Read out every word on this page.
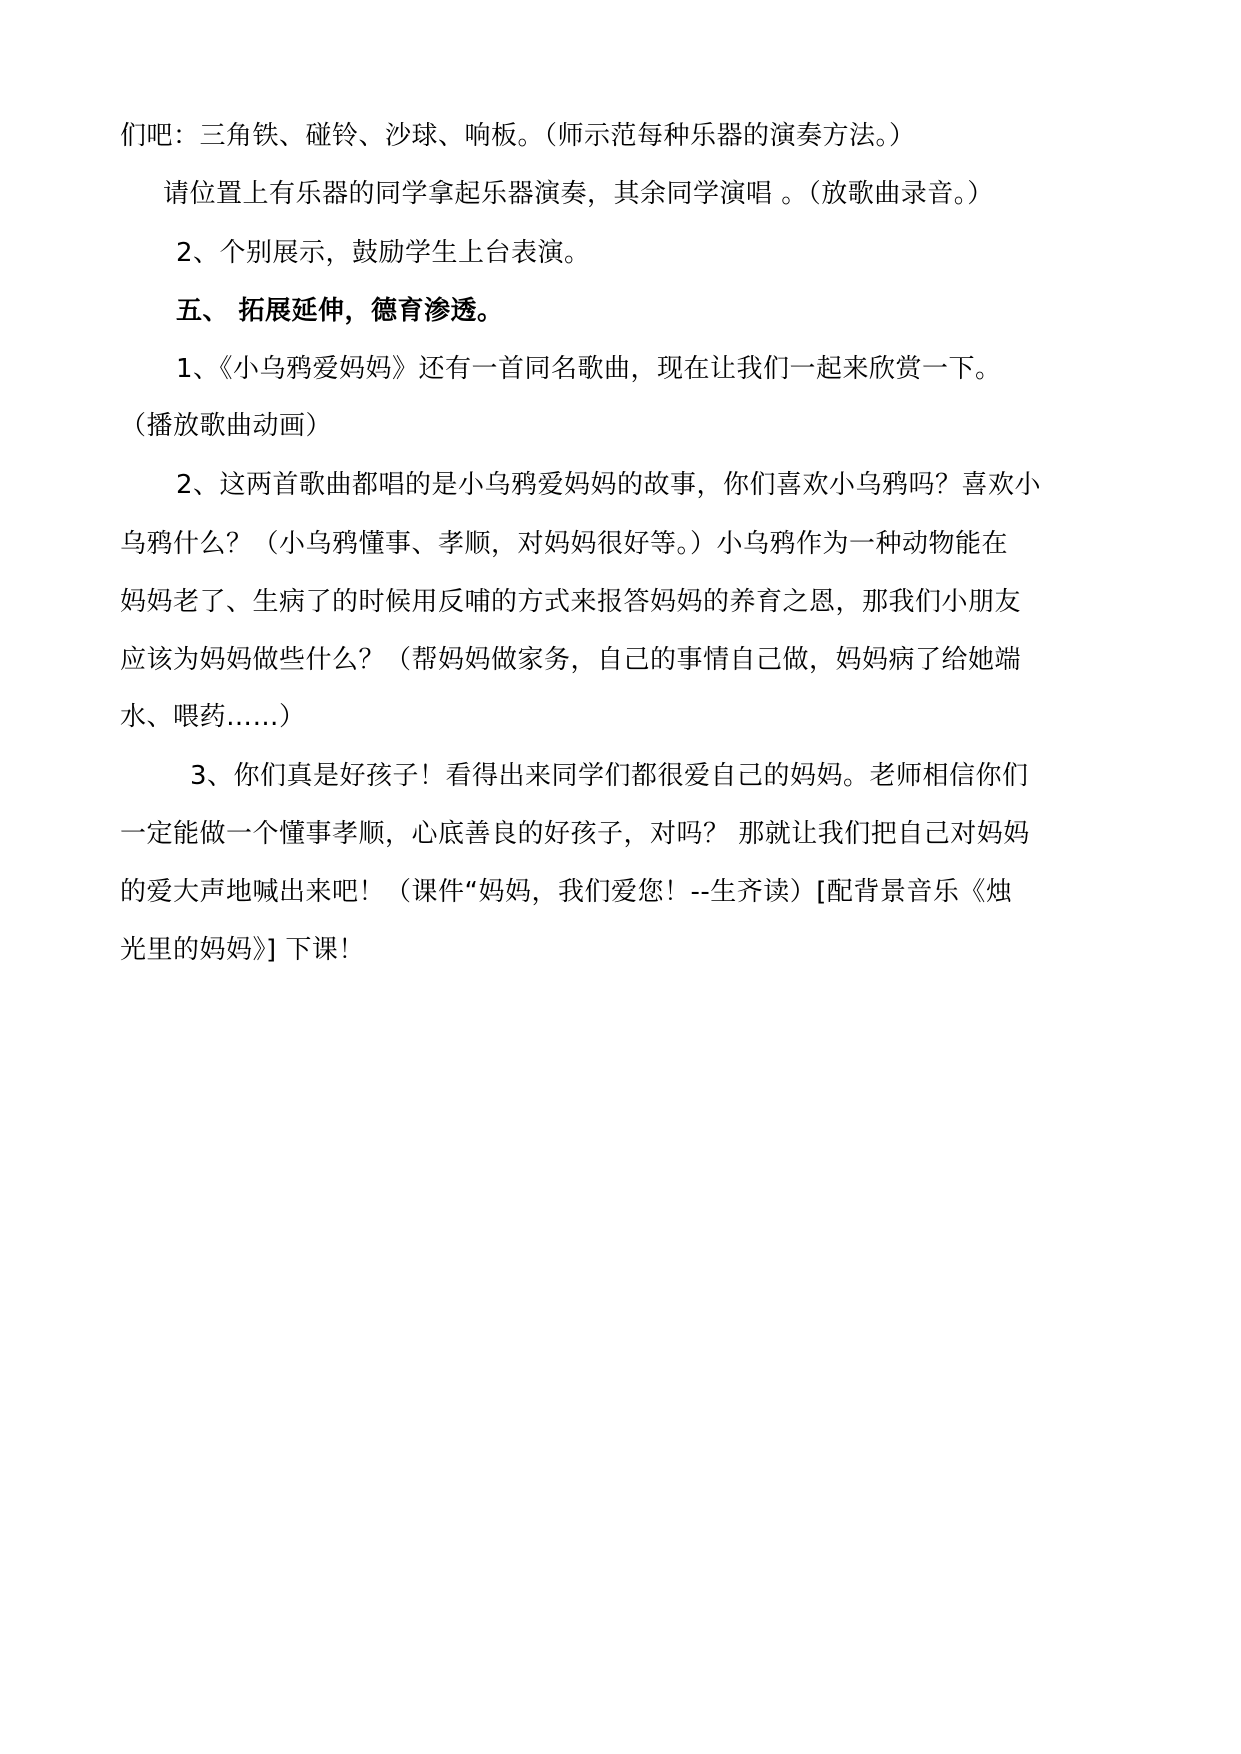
们吧：三角铁、碰铃、沙球、响板。（师示范每种乐器的演奏方法。）
请位置上有乐器的同学拿起乐器演奏，其余同学演唱 。（放歌曲录音。）
2、个别展示，鼓励学生上台表演。
五、 拓展延伸，德育渗透。
1、《小乌鸦爱妈妈》还有一首同名歌曲，现在让我们一起来欣赏一下。
（播放歌曲动画）
2、这两首歌曲都唱的是小乌鸦爱妈妈的故事，你们喜欢小乌鸦吗？喜欢小
乌鸦什么？（小乌鸦懂事、孝顺，对妈妈很好等。）小乌鸦作为一种动物能在
妈妈老了、生病了的时候用反哺的方式来报答妈妈的养育之恩，那我们小朋友
应该为妈妈做些什么？（帮妈妈做家务，自己的事情自己做，妈妈病了给她端
水、喂药……）
3、你们真是好孩子！看得出来同学们都很爱自己的妈妈。老师相信你们
一定能做一个懂事孝顺，心底善良的好孩子，对吗？ 那就让我们把自己对妈妈
的爱大声地喊出来吧！（课件“妈妈，我们爱您！--生齐读）[配背景音乐《烛
光里的妈妈》] 下课！
